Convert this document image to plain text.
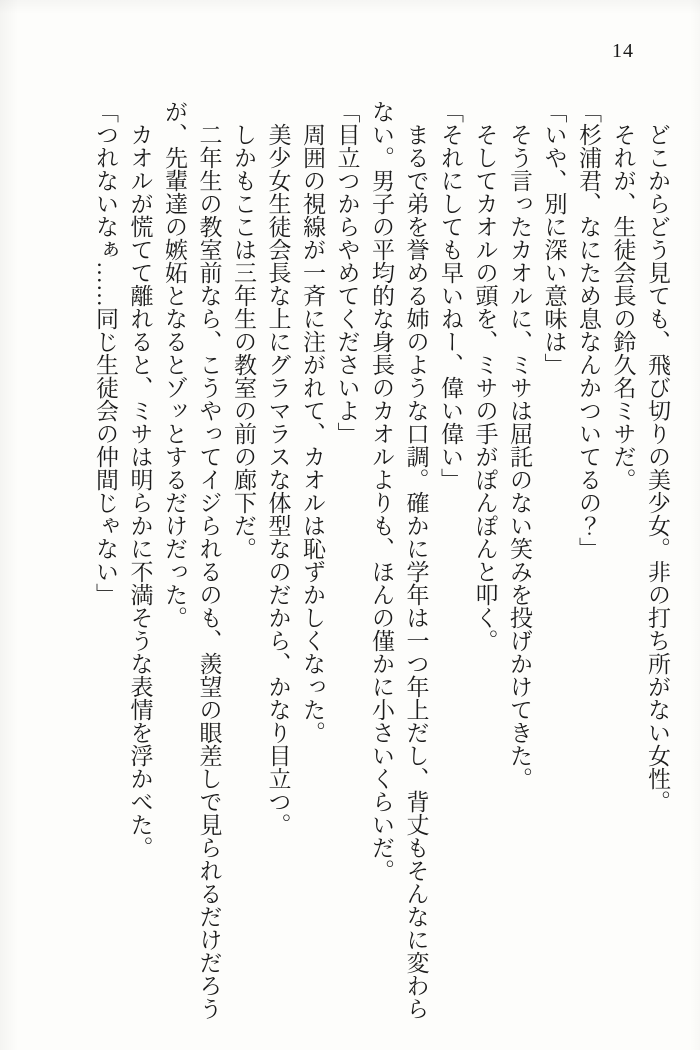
14

どこからどう見ても、飛び切りの美少女。非の打ち所がない女性。

それが、生徒会長の鈴久名ミサだ。

「杉浦君、なにため息なんかついてるの？」

「いや、別に深い意味は」

そう言ったカオルに、ミサは屈託のない笑みを投げかけてきた。

そしてカオルの頭を、ミサの手がぽんぽんと叩く。

「それにしても早いねー、偉い偉い」

まるで弟を誉める姉のような口調。確かに学年は一つ年上だし、背丈もそんなに変わら

ない。男子の平均的な身長のカオルよりも、ほんの僅かに小さいくらいだ。

「目立つからやめてくださいよ」

周囲の視線が一斉に注がれて、カオルは恥ずかしくなった。

美少女生徒会長な上にグラマラスな体型なのだから、かなり目立つ。

しかもここは三年生の教室の前の廊下だ。

二年生の教室前なら、こうやってイジられるのも、羨望の眼差しで見られるだけだろう

が、先輩達の嫉妬となるとゾッとするだけだった。

カオルが慌てて離れると、ミサは明らかに不満そうな表情を浮かべた。

「つれないなぁ……同じ生徒会の仲間じゃない」
